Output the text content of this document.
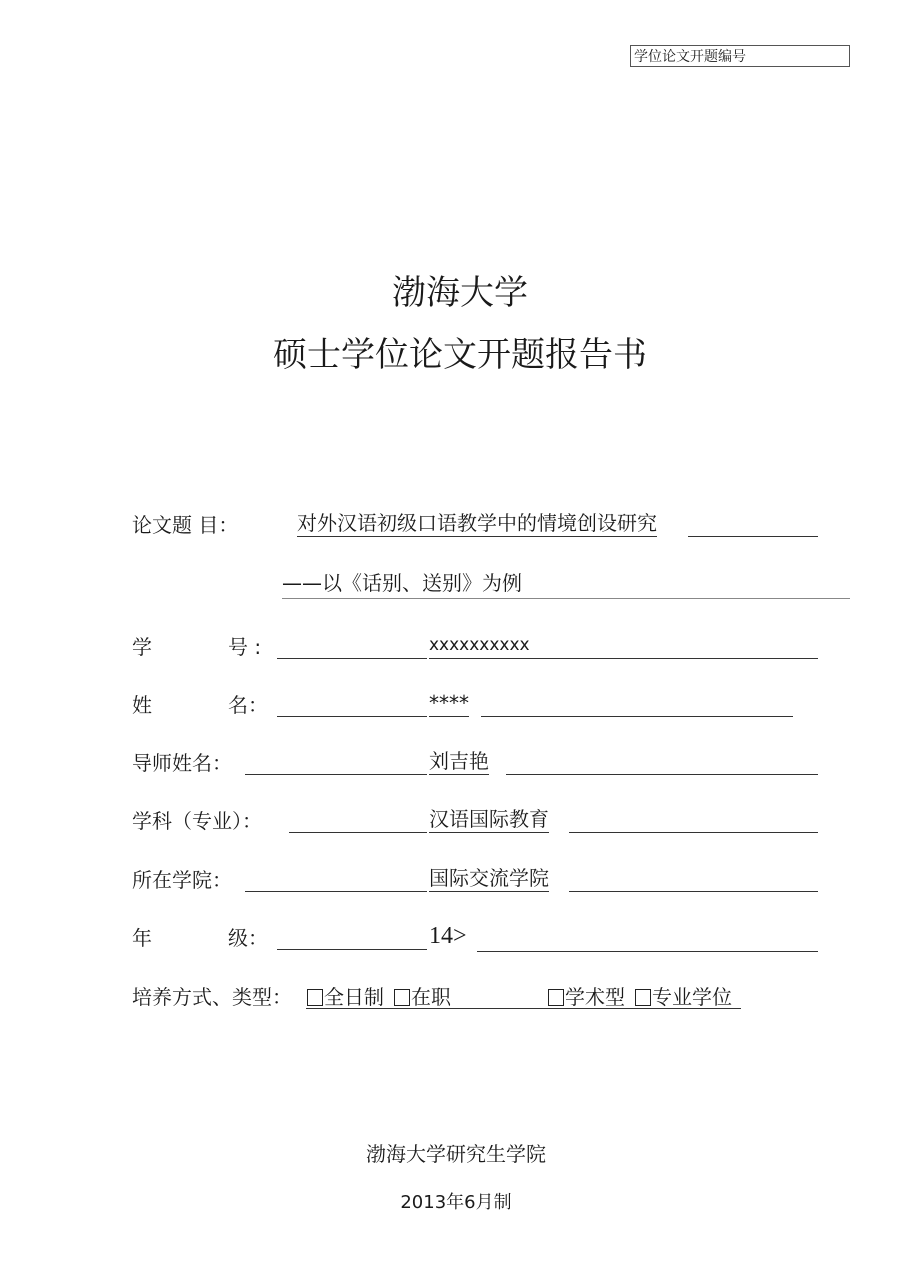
学位论文开题编号
渤海大学
硕士学位论文开题报告书
论文题 目：	对外汉语初级口语教学中的情境创设研究
——以《话别、送别》为例
学	号 :	xxxxxxxxxx
姓	名：	****
导师姓名：	刘吉艳
学科（专业）：	汉语国际教育
所在学院：	国际交流学院
年	级：	14>
培养方式、类型：	全日制	在职	学术型	专业学位
渤海大学研究生学院
2013年6月制
